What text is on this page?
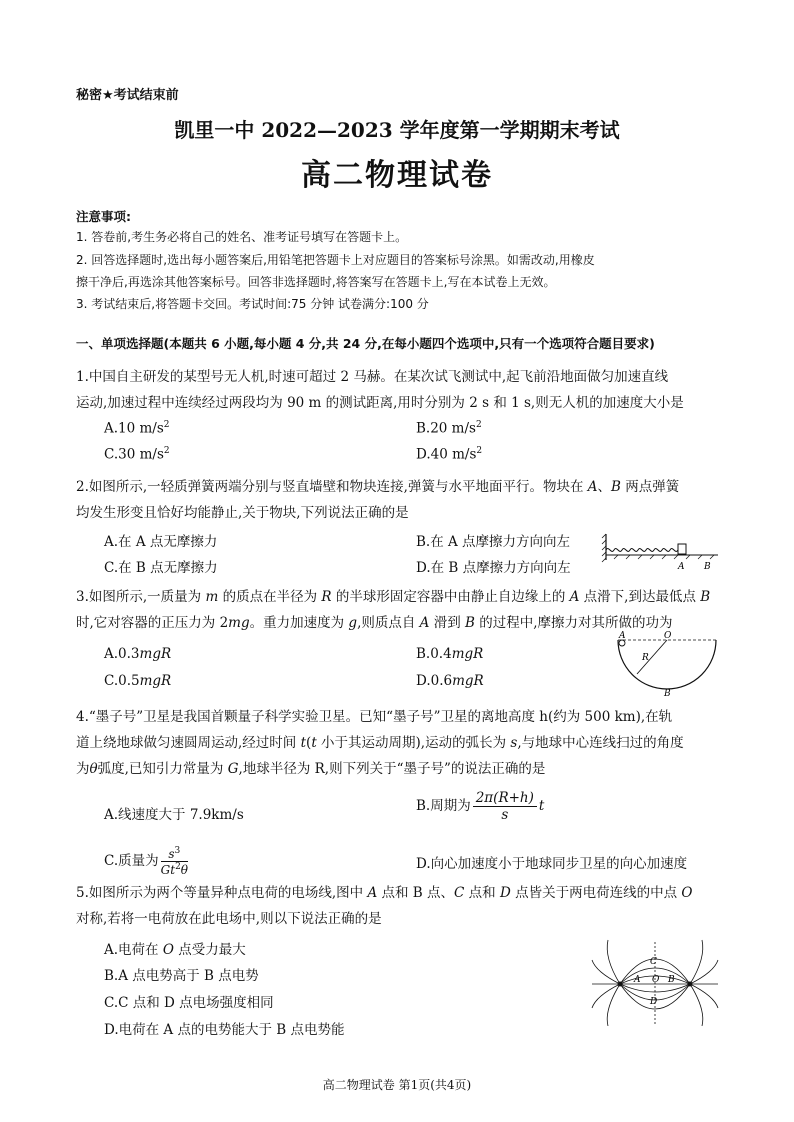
秘密★考试结束前
凯里一中 2022—2023 学年度第一学期期末考试
高二物理试卷
注意事项:
1. 答卷前,考生务必将自己的姓名、准考证号填写在答题卡上。
2. 回答选择题时,选出每小题答案后,用铅笔把答题卡上对应题目的答案标号涂黑。如需改动,用橡皮
擦干净后,再选涂其他答案标号。回答非选择题时,将答案写在答题卡上,写在本试卷上无效。
3. 考试结束后,将答题卡交回。考试时间:75 分钟 试卷满分:100 分
一、单项选择题(本题共 6 小题,每小题 4 分,共 24 分,在每小题四个选项中,只有一个选项符合题目要求)
1.中国自主研发的某型号无人机,时速可超过 2 马赫。在某次试飞测试中,起飞前沿地面做匀加速直线
运动,加速过程中连续经过两段均为 90 m 的测试距离,用时分别为 2 s 和 1 s,则无人机的加速度大小是
A.10 $m/s^2$	B.20 $m/s^2$
C.30 $m/s^2$	D.40 $m/s^2$
2.如图所示,一轻质弹簧两端分别与竖直墙壁和物块连接,弹簧与水平地面平行。物块在 A、B 两点弹簧
均发生形变且恰好均能静止,关于物块,下列说法正确的是
A.在 A 点无摩擦力	B.在 A 点摩擦力方向向左
C.在 B 点无摩擦力	D.在 B 点摩擦力方向向左	A B
3.如图所示,一质量为 m 的质点在半径为 R 的半球形固定容器中由静止自边缘上的 A 点滑下,到达最低点 B
时,它对容器的正压力为 2mg。重力加速度为 g,则质点自 A 滑到 B 的过程中,摩擦力对其所做的功为
A.0.3mgR	B.0.4mgR
C.0.5mgR	D.0.6mgR
A	O
R
B
4.“墨子号”卫星是我国首颗量子科学实验卫星。已知“墨子号”卫星的离地高度 h(约为 500 km),在轨
道上绕地球做匀速圆周运动,经过时间 t(t 小于其运动周期),运动的弧长为 s,与地球中心连线扫过的角度
为θ弧度,已知引力常量为 G,地球半径为 R,则下列关于“墨子号”的说法正确的是
A.线速度大于 7.9km/s
B.周期为 $\frac{2\pi(R+h)}{s}$ t
C.质量为 $\frac{s^3}{Gt^2\theta}$	D.向心加速度小于地球同步卫星的向心加速度
5.如图所示为两个等量异种点电荷的电场线,图中 A 点和 B 点、C 点和 D 点皆关于两电荷连线的中点 O
对称,若将一电荷放在此电场中,则以下说法正确的是
A.电荷在 O 点受力最大
B.A 点电势高于 B 点电势
C.C 点和 D 点电场强度相同
D.电荷在 A 点的电势能大于 B 点电势能
C
A O B
D
高二物理试卷 第1页(共4页)
